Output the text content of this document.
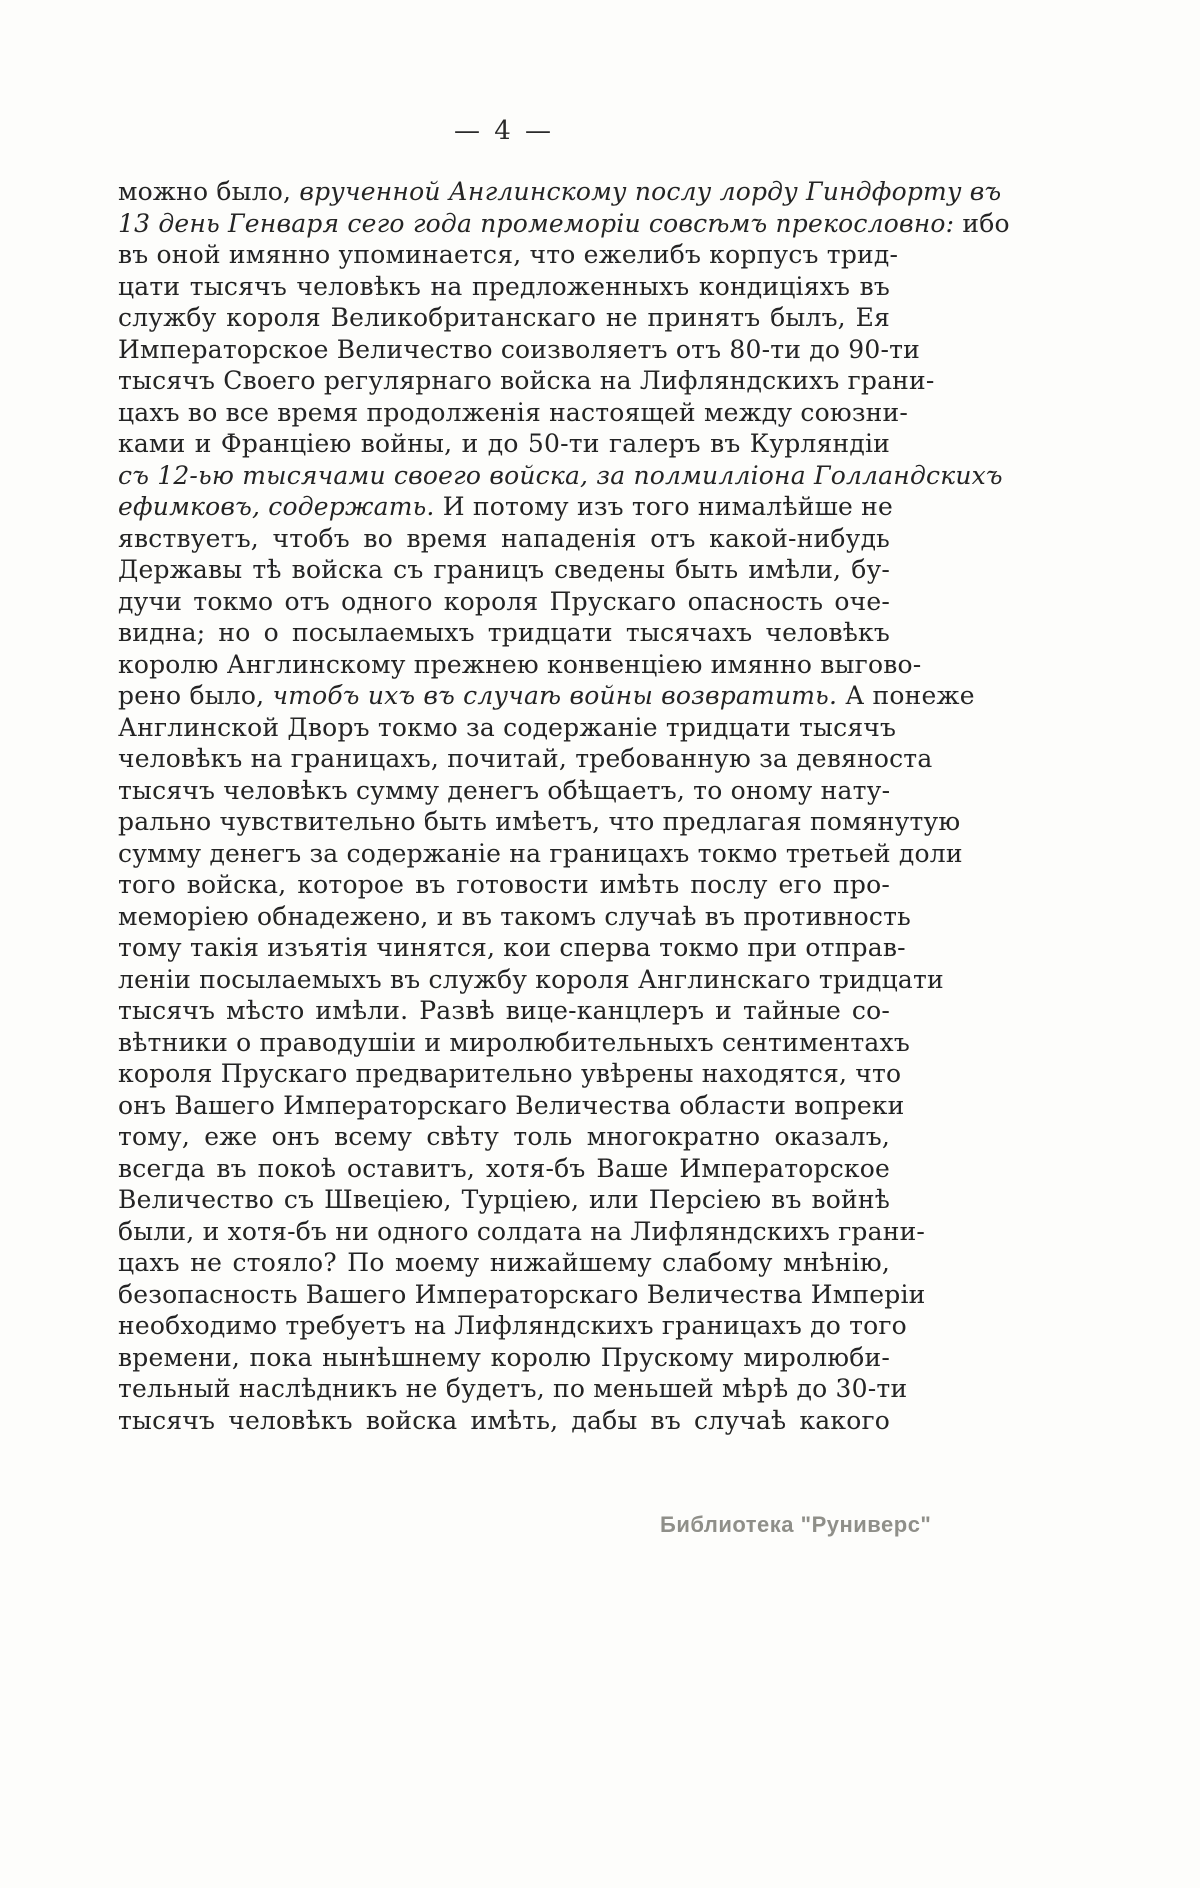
— 4 —
можно было, врученной Англинскому послу лорду Гиндфорту въ
13 день Генваря сего года промеморіи совсѣмъ прекословно: ибо
въ оной имянно упоминается, что ежелибъ корпусъ трид-
цати тысячъ человѣкъ на предложенныхъ кондиціяхъ въ
службу короля Великобританскаго не принятъ былъ, Ея
Императорское Величество соизволяетъ отъ 80-ти до 90-ти
тысячъ Своего регулярнаго войска на Лифляндскихъ грани-
цахъ во все время продолженія настоящей между союзни-
ками и Франціею войны, и до 50-ти галеръ въ Курляндіи
съ 12-ью тысячами своего войска, за полмилліона Голландскихъ
ефимковъ, содержать. И потому изъ того нималѣйше не
явствуетъ, чтобъ во время нападенія отъ какой-нибудь
Державы тѣ войска съ границъ сведены быть имѣли, бу-
дучи токмо отъ одного короля Прускаго опасность оче-
видна; но о посылаемыхъ тридцати тысячахъ человѣкъ
королю Англинскому прежнею конвенціею имянно выгово-
рено было, чтобъ ихъ въ случаѣ войны возвратить. А понеже
Англинской Дворъ токмо за содержаніе тридцати тысячъ
человѣкъ на границахъ, почитай, требованную за девяноста
тысячъ человѣкъ сумму денегъ обѣщаетъ, то оному нату-
рально чувствительно быть имѣетъ, что предлагая помянутую
сумму денегъ за содержаніе на границахъ токмо третьей доли
того войска, которое въ готовости имѣть послу его про-
меморіею обнадежено, и въ такомъ случаѣ въ противность
тому такія изъятія чинятся, кои сперва токмо при отправ-
леніи посылаемыхъ въ службу короля Англинскаго тридцати
тысячъ мѣсто имѣли. Развѣ вице-канцлеръ и тайные со-
вѣтники о праводушіи и миролюбительныхъ сентиментахъ
короля Прускаго предварительно увѣрены находятся, что
онъ Вашего Императорскаго Величества области вопреки
тому, еже онъ всему свѣту толь многократно оказалъ,
всегда въ покоѣ оставитъ, хотя-бъ Ваше Императорское
Величество съ Швеціею, Турціею, или Персіею въ войнѣ
были, и хотя-бъ ни одного солдата на Лифляндскихъ грани-
цахъ не стояло? По моему нижайшему слабому мнѣнію,
безопасность Вашего Императорскаго Величества Имперіи
необходимо требуетъ на Лифляндскихъ границахъ до того
времени, пока нынѣшнему королю Прускому миролюби-
тельный наслѣдникъ не будетъ, по меньшей мѣрѣ до 30-ти
тысячъ человѣкъ войска имѣть, дабы въ случаѣ какого
Библиотека "Руниверс"
